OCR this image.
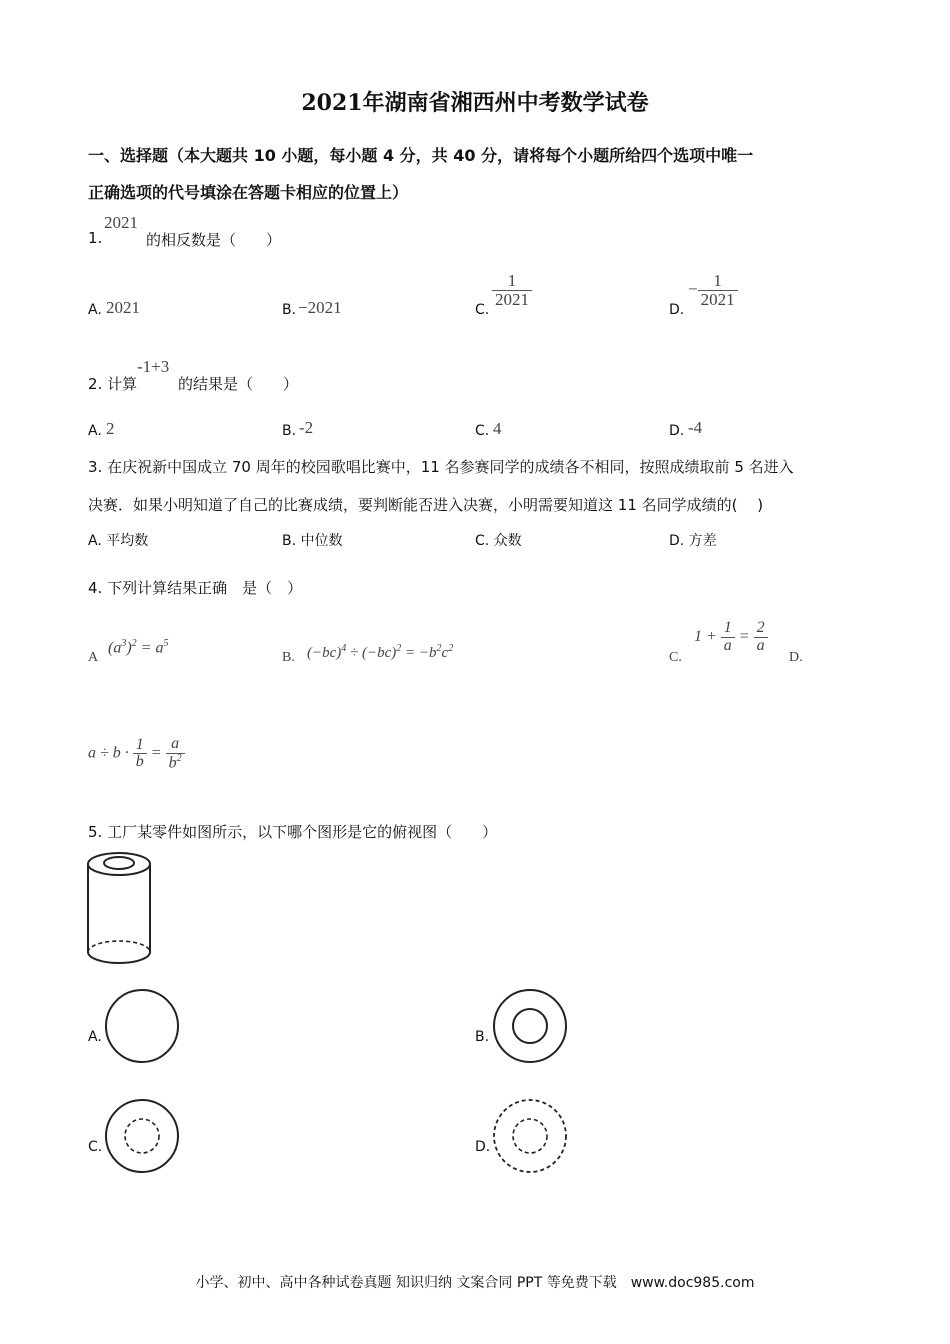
2021年湖南省湘西州中考数学试卷
一、选择题（本大题共 10 小题，每小题 4 分，共 40 分，请将每个小题所给四个选项中唯一
正确选项的代号填涂在答题卡相应的位置上）
1.
2021
的相反数是（　　）
A. 2021	B. −2021	C.
$\frac{1}{2021}$
D.
− $\frac{1}{2021}$
2. 计算
-1+3
的结果是（　　）
A. 2	B. -2	C. 4	D. -4
3. 在庆祝新中国成立 70 周年的校园歌唱比赛中，11 名参赛同学的成绩各不相同，按照成绩取前 5 名进入
决赛．如果小明知道了自己的比赛成绩，要判断能否进入决赛，小明需要知道这 11 名同学成绩的(　 )
A. 平均数	B. 中位数	C. 众数	D. 方差
4. 下列计算结果正确　是（　）
A
$(a^3)^2 = a^5$
B. $(-bc)^4 \div (-bc)^2 = -b^2c^2$
C.
$1 + \frac{1}{a} = \frac{2}{a}$
D.
$a \div b \cdot \frac{1}{b} = \frac{a}{b^2}$
5. 工厂某零件如图所示，以下哪个图形是它的俯视图（　　）
A.	B.
C.	D.
小学、初中、高中各种试卷真题 知识归纳 文案合同 PPT 等免费下载　www.doc985.com
